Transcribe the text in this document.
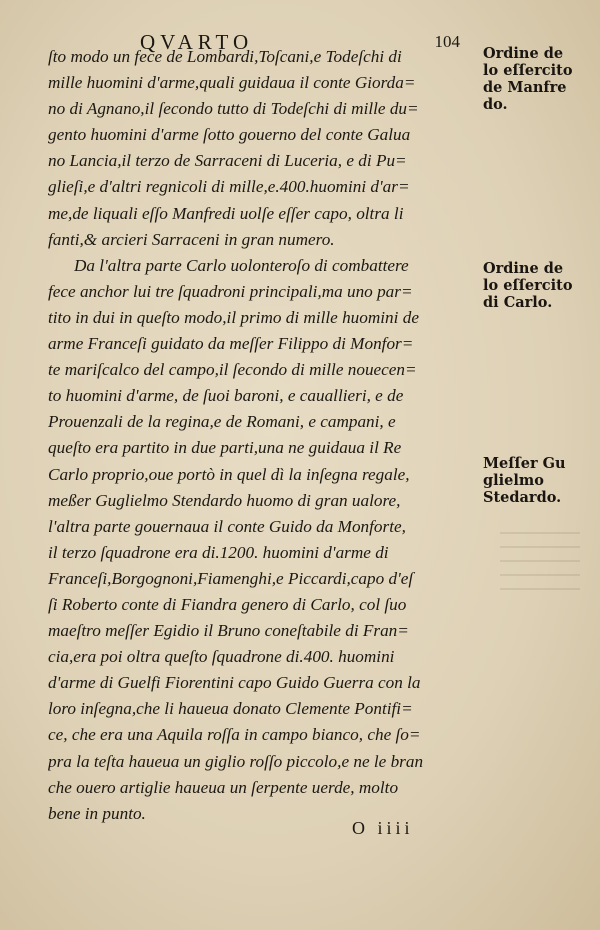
QVARTO	104
ſto modo un fece de Lombardi,Toſcani,e Todeſchi di
mille huomini d'arme,quali guidaua il conte Giorda=
no di Agnano,il ſecondo tutto di Todeſchi di mille du=
gento huomini d'arme ſotto gouerno del conte Galua
no Lancia,il terzo de Sarraceni di Luceria, e di Pu=
glieſi,e d'altri regnicoli di mille,e.400.huomini d'ar=
me,de liquali eſſo Manfredi uolſe eſſer capo, oltra li
fanti,& arcieri Sarraceni in gran numero.
Da l'altra parte Carlo uolonteroſo di combattere
fece anchor lui tre ſquadroni principali,ma uno par=
tito in dui in queſto modo,il primo di mille huomini de
arme Franceſi guidato da meſſer Filippo di Monfor=
te mariſcalco del campo,il ſecondo di mille nouecen=
to huomini d'arme, de ſuoi baroni, e cauallieri, e de
Prouenzali de la regina,e de Romani, e campani, e
queſto era partito in due parti,una ne guidaua il Re
Carlo proprio,oue portò in quel dì la inſegna regale,
meßer Guglielmo Stendardo huomo di gran ualore,
l'altra parte gouernaua il conte Guido da Monforte,
il terzo ſquadrone era di.1200. huomini d'arme di
Franceſi,Borgognoni,Fiamenghi,e Piccardi,capo d'eſ
ſi Roberto conte di Fiandra genero di Carlo, col ſuo
maeſtro meſſer Egidio il Bruno coneſtabile di Fran=
cia,era poi oltra queſto ſquadrone di.400. huomini
d'arme di Guelfi Fiorentini capo Guido Guerra con la
loro inſegna,che li haueua donato Clemente Pontifi=
ce, che era una Aquila roſſa in campo bianco, che ſo=
pra la teſta haueua un giglio roſſo piccolo,e ne le bran
che ouero artiglie haueua un ſerpente uerde, molto
bene in punto.
Ordine de
lo eſſercito
de Manfre
do.
Ordine de
lo eſſercito
di Carlo.
Meſſer Gu
glielmo
Stedardo.
O iiii
